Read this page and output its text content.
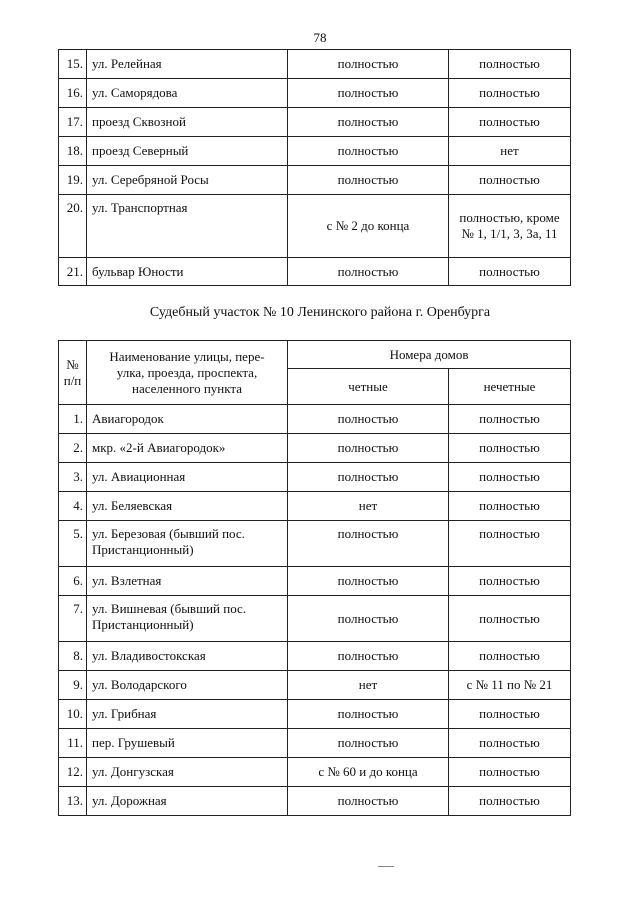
78
15.	ул. Релейная	полностью	полностью
16.	ул. Саморядова	полностью	полностью
17.	проезд Сквозной	полностью	полностью
18.	проезд Северный	полностью	нет
19.	ул. Серебряной Росы	полностью	полностью
20.	ул. Транспортная	с № 2 до конца	полностью, кроме № 1, 1/1, 3, 3а, 11
21.	бульвар Юности	полностью	полностью
Судебный участок № 10 Ленинского района г. Оренбурга
№ п/п	Наименование улицы, пере-улка, проезда, проспекта, населенного пункта	Номера домов	
		четные	нечетные
1.	Авиагородок	полностью	полностью
2.	мкр. «2-й Авиагородок»	полностью	полностью
3.	ул. Авиационная	полностью	полностью
4.	ул. Беляевская	нет	полностью
5.	ул. Березовая (бывший пос. Пристанционный)	полностью	полностью
6.	ул. Взлетная	полностью	полностью
7.	ул. Вишневая (бывший пос. Пристанционный)	полностью	полностью
8.	ул. Владивостокская	полностью	полностью
9.	ул. Володарского	нет	с № 11 по № 21
10.	ул. Грибная	полностью	полностью
11.	пер. Грушевый	полностью	полностью
12.	ул. Донгузская	с № 60 и до конца	полностью
13.	ул. Дорожная	полностью	полностью
